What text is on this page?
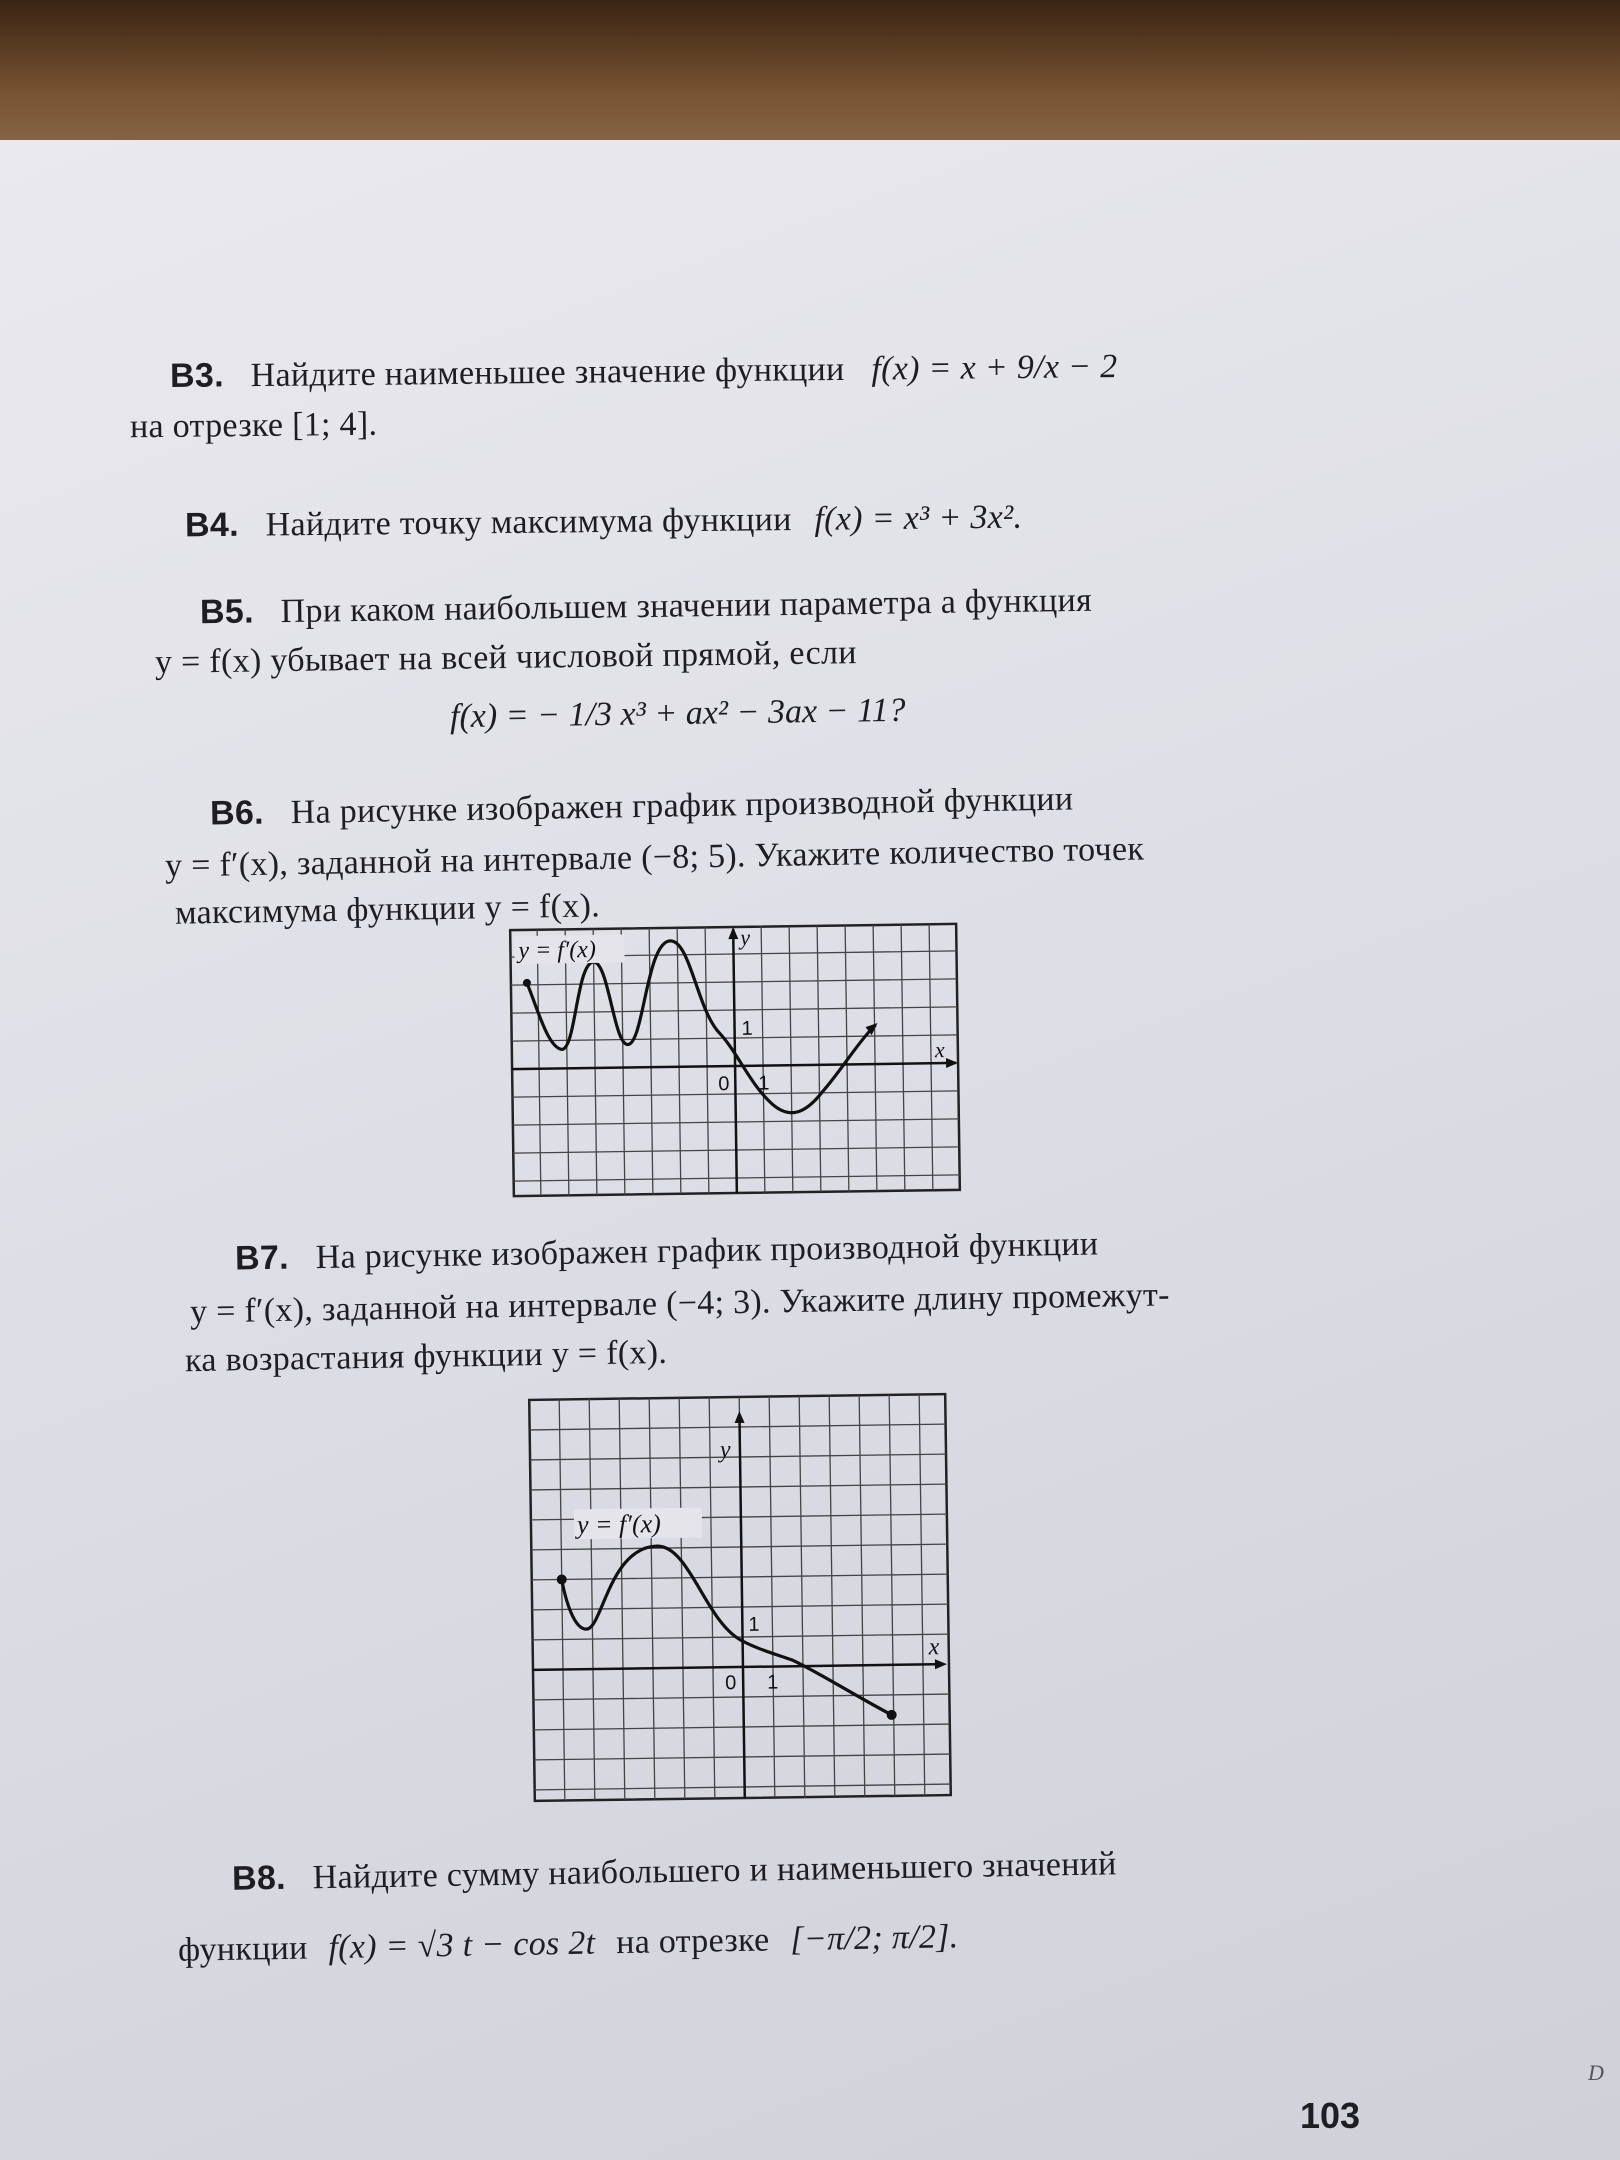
B3. Найдите наименьшее значение функции f(x) = x + 9/x − 2
на отрезке [1; 4].
B4. Найдите точку максимума функции f(x) = x³ + 3x².
B5. При каком наибольшем значении параметра a функция
y = f(x) убывает на всей числовой прямой, если
f(x) = − 1/3 x³ + ax² − 3ax − 11?
B6. На рисунке изображен график производной функции
y = f′(x), заданной на интервале (−8; 5). Укажите количество точек
максимума функции y = f(x).
y = f′(x)	y
x
0 1
1
B7. На рисунке изображен график производной функции
y = f′(x), заданной на интервале (−4; 3). Укажите длину промежут-
ка возрастания функции y = f(x).
y = f′(x)
y
x
0 1
1
B8. Найдите сумму наибольшего и наименьшего значений
функции f(x) = √3 t − cos 2t на отрезке [−π/2; π/2].
103
D
